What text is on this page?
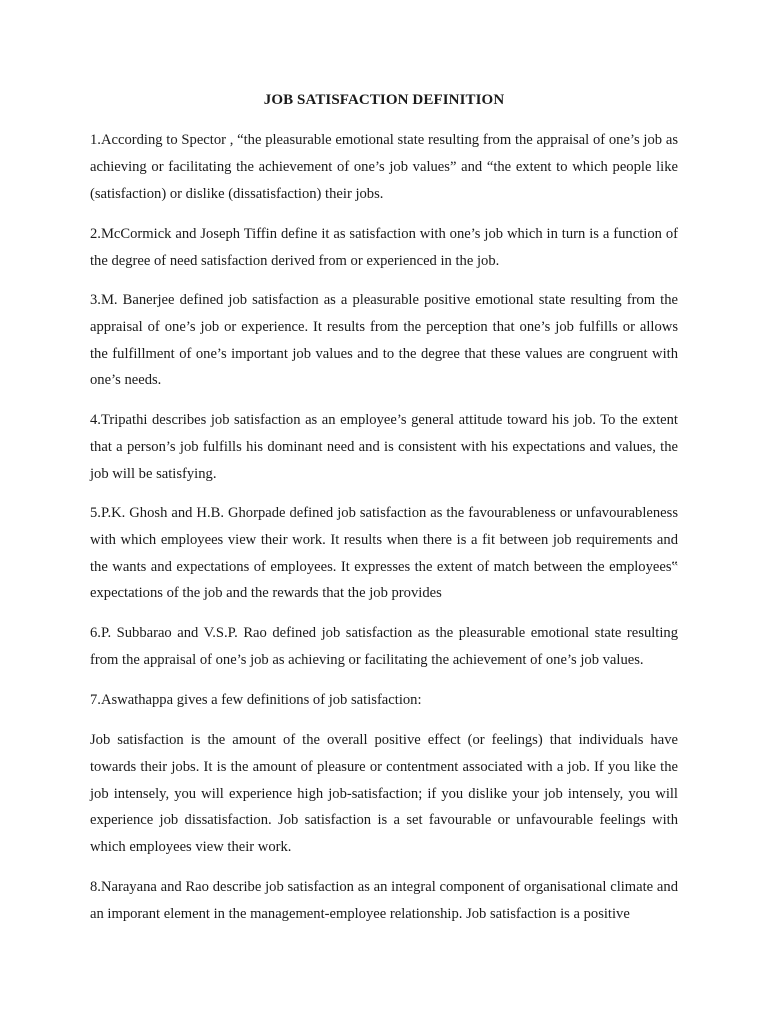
JOB SATISFACTION DEFINITION

1.According to Spector , “the pleasurable emotional state resulting from the appraisal of one’s job as achieving or facilitating the achievement of one’s job values” and “the extent to which people like (satisfaction) or dislike (dissatisfaction) their jobs.

2.McCormick and Joseph Tiffin define it as satisfaction with one’s job which in turn is a function of the degree of need satisfaction derived from or experienced in the job.

3.M. Banerjee defined job satisfaction as a pleasurable positive emotional state resulting from the appraisal of one’s job or experience. It results from the perception that one’s job fulfills or allows the fulfillment of one’s important job values and to the degree that these values are congruent with one’s needs.

4.Tripathi describes job satisfaction as an employee’s general attitude toward his job. To the extent that a person’s job fulfills his dominant need and is consistent with his expectations and values, the job will be satisfying.

5.P.K. Ghosh and H.B. Ghorpade defined job satisfaction as the favourableness or unfavourableness with which employees view their work. It results when there is a fit between job requirements and the wants and expectations of employees. It expresses the extent of match between the employees‟ expectations of the job and the rewards that the job provides

6.P. Subbarao and V.S.P. Rao defined job satisfaction as the pleasurable emotional state resulting from the appraisal of one’s job as achieving or facilitating the achievement of one’s job values.

7.Aswathappa gives a few definitions of job satisfaction:

Job satisfaction is the amount of the overall positive effect (or feelings) that individuals have towards their jobs. It is the amount of pleasure or contentment associated with a job. If you like the job intensely, you will experience high job-satisfaction; if you dislike your job intensely, you will experience job dissatisfaction. Job satisfaction is a set favourable or unfavourable feelings with which employees view their work.

8.Narayana and Rao describe job satisfaction as an integral component of organisational climate and an imporant element in the management-employee relationship. Job satisfaction is a positive
